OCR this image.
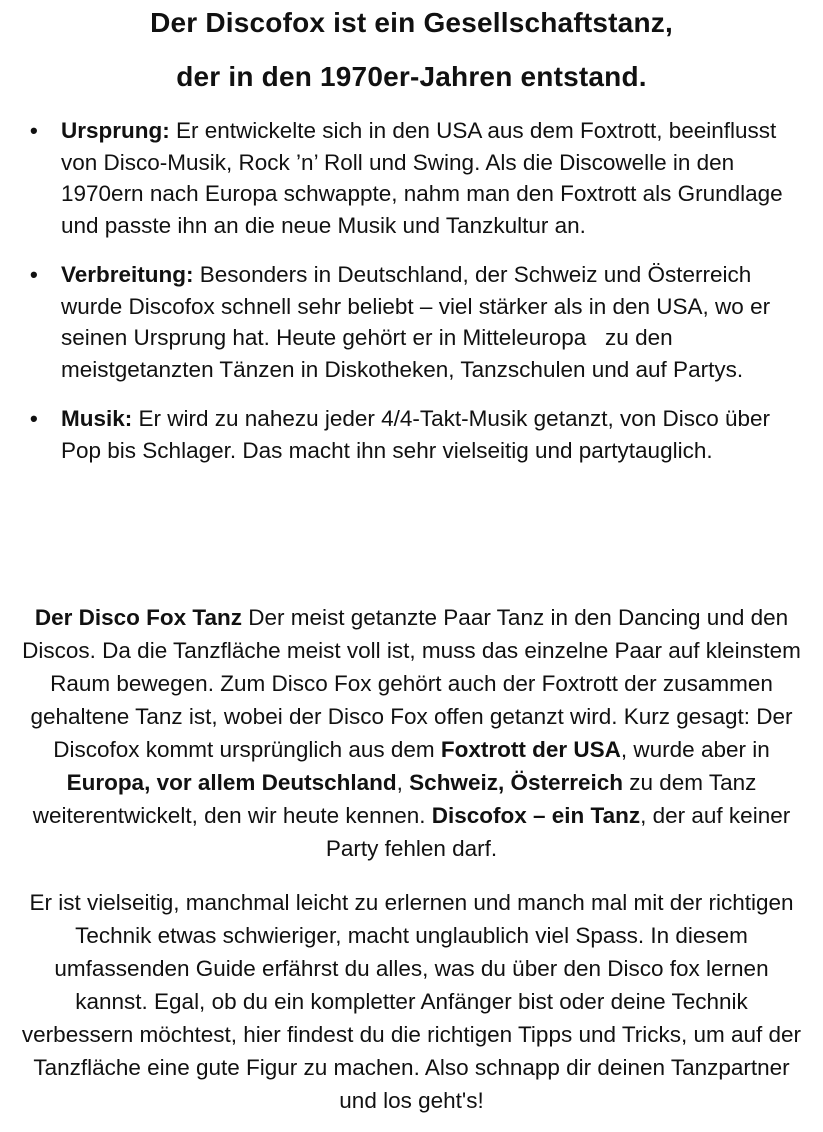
Der Discofox ist ein Gesellschaftstanz,
der in den 1970er-Jahren entstand.
• Ursprung: Er entwickelte sich in den USA aus dem Foxtrott, beeinflusst von Disco-Musik, Rock ’n’ Roll und Swing. Als die Discowelle in den 1970ern nach Europa schwappte, nahm man den Foxtrott als Grundlage und passte ihn an die neue Musik und Tanzkultur an.
• Verbreitung: Besonders in Deutschland, der Schweiz und Österreich wurde Discofox schnell sehr beliebt – viel stärker als in den USA, wo er seinen Ursprung hat. Heute gehört er in Mitteleuropa   zu den meistgetanzten Tänzen in Diskotheken, Tanzschulen und auf Partys.
• Musik: Er wird zu nahezu jeder 4/4-Takt-Musik getanzt, von Disco über Pop bis Schlager. Das macht ihn sehr vielseitig und partytauglich.

Der Disco Fox Tanz Der meist getanzte Paar Tanz in den Dancing und den Discos. Da die Tanzfläche meist voll ist, muss das einzelne Paar auf kleinstem Raum bewegen. Zum Disco Fox gehört auch der Foxtrott der zusammen gehaltene Tanz ist, wobei der Disco Fox offen getanzt wird. Kurz gesagt: Der Discofox kommt ursprünglich aus dem Foxtrott der USA, wurde aber in Europa, vor allem Deutschland, Schweiz, Österreich zu dem Tanz weiterentwickelt, den wir heute kennen. Discofox – ein Tanz, der auf keiner Party fehlen darf.

Er ist vielseitig, manchmal leicht zu erlernen und manch mal mit der richtigen Technik etwas schwieriger, macht unglaublich viel Spass. In diesem umfassenden Guide erfährst du alles, was du über den Disco fox lernen kannst. Egal, ob du ein kompletter Anfänger bist oder deine Technik verbessern möchtest, hier findest du die richtigen Tipps und Tricks, um auf der Tanzfläche eine gute Figur zu machen. Also schnapp dir deinen Tanzpartner und los geht's!
